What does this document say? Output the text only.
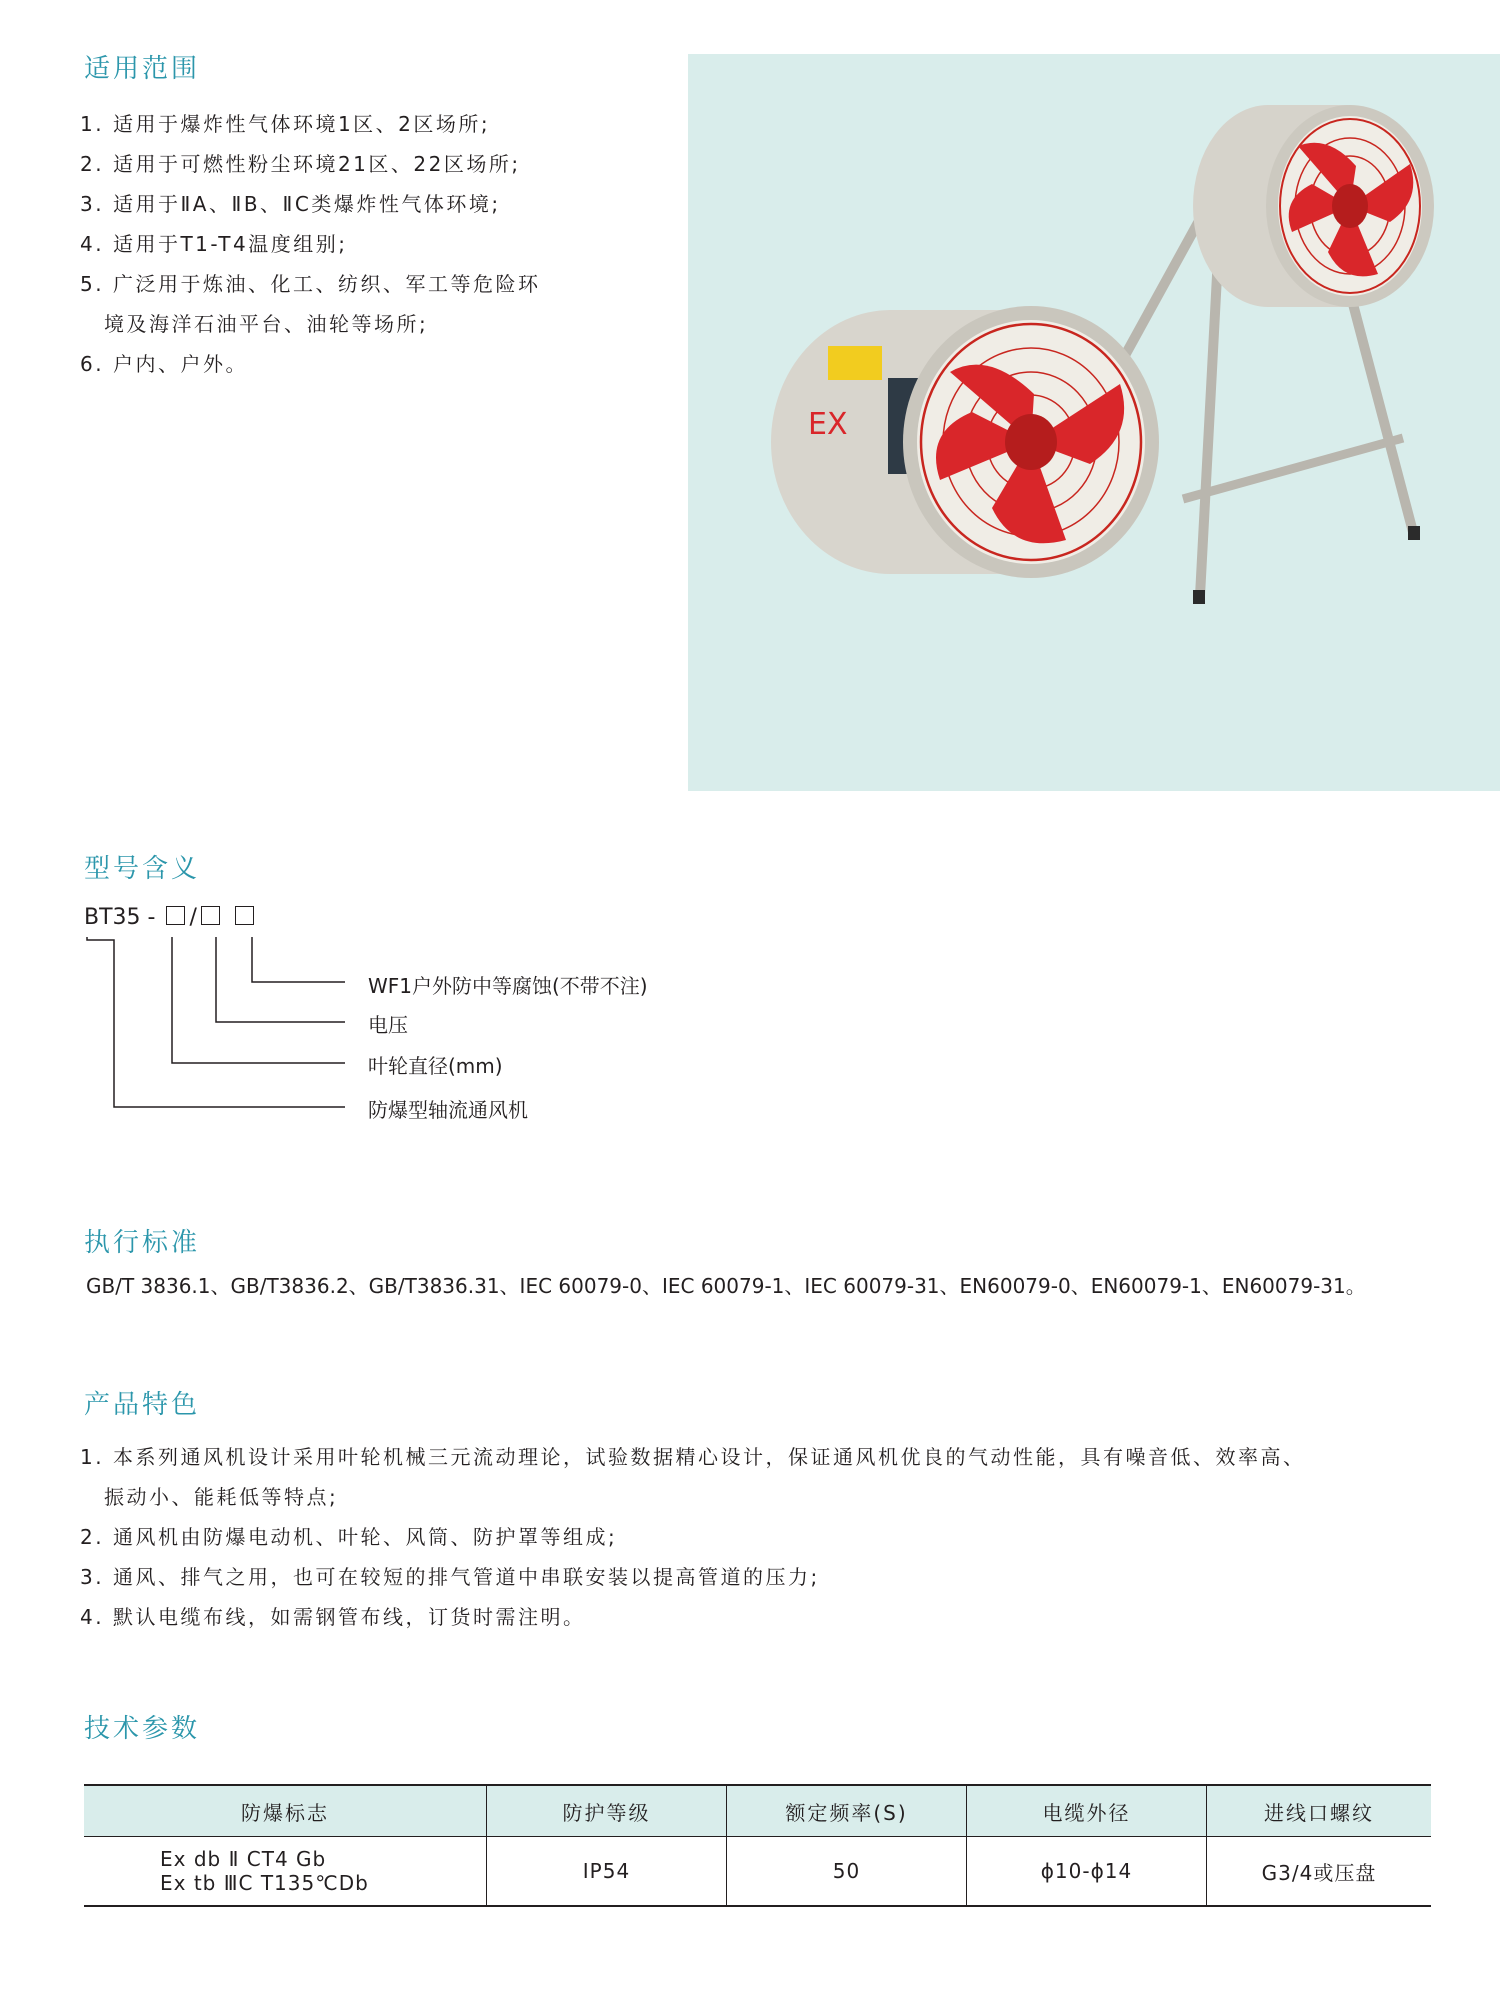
适用范围
1. 适用于爆炸性气体环境1区、2区场所;
2. 适用于可燃性粉尘环境21区、22区场所;
3. 适用于ⅡA、ⅡB、ⅡC类爆炸性气体环境;
4. 适用于T1-T4温度组别;
5. 广泛用于炼油、化工、纺织、军工等危险环
境及海洋石油平台、油轮等场所;
6. 户内、户外。
EX
型号含义

BT35 - /

WF1户外防中等腐蚀(不带不注)

电压

叶轮直径(mm)

防爆型轴流通风机

执行标准

GB/T 3836.1、GB/T3836.2、GB/T3836.31、IEC 60079-0、IEC 60079-1、IEC 60079-31、EN60079-0、EN60079-1、EN60079-31。

产品特色
1. 本系列通风机设计采用叶轮机械三元流动理论，试验数据精心设计，保证通风机优良的气动性能，具有噪音低、效率高、
振动小、能耗低等特点;
2. 通风机由防爆电动机、叶轮、风筒、防护罩等组成;
3. 通风、排气之用，也可在较短的排气管道中串联安装以提高管道的压力;
4. 默认电缆布线，如需钢管布线，订货时需注明。
技术参数
防爆标志	防护等级	额定频率(S)	电缆外径	进线口螺纹
Ex db Ⅱ CT4 Gb
Ex tb ⅢC T135℃Db	IP54	50	ϕ10-ϕ14	G3/4或压盘
